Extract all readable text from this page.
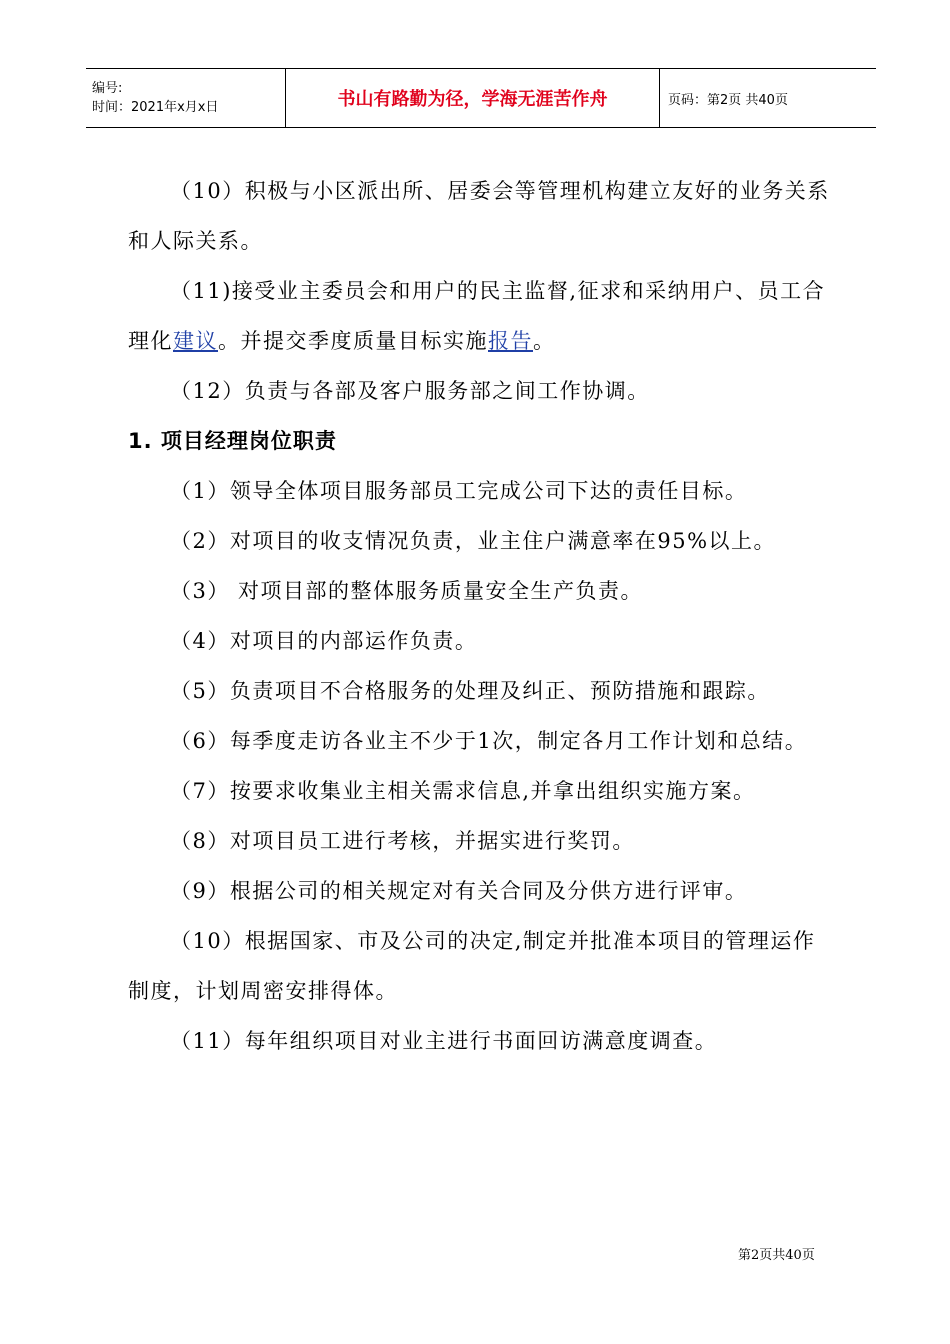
编号:
时间：2021年x月x日	书山有路勤为径，学海无涯苦作舟	页码：第2页 共40页

（10）积极与小区派出所、居委会等管理机构建立友好的业务关系和人际关系。

（11)接受业主委员会和用户的民主监督,征求和采纳用户、员工合理化建议。并提交季度质量目标实施报告。

（12）负责与各部及客户服务部之间工作协调。

1. 项目经理岗位职责

（1）领导全体项目服务部员工完成公司下达的责任目标。

（2）对项目的收支情况负责，业主住户满意率在95%以上。

（3） 对项目部的整体服务质量安全生产负责。

（4）对项目的内部运作负责。

（5）负责项目不合格服务的处理及纠正、预防措施和跟踪。

（6）每季度走访各业主不少于1次，制定各月工作计划和总结。

（7）按要求收集业主相关需求信息,并拿出组织实施方案。

（8）对项目员工进行考核，并据实进行奖罚。

（9）根据公司的相关规定对有关合同及分供方进行评审。

（10）根据国家、市及公司的决定,制定并批准本项目的管理运作制度，计划周密安排得体。

（11）每年组织项目对业主进行书面回访满意度调查。

第2页共40页
